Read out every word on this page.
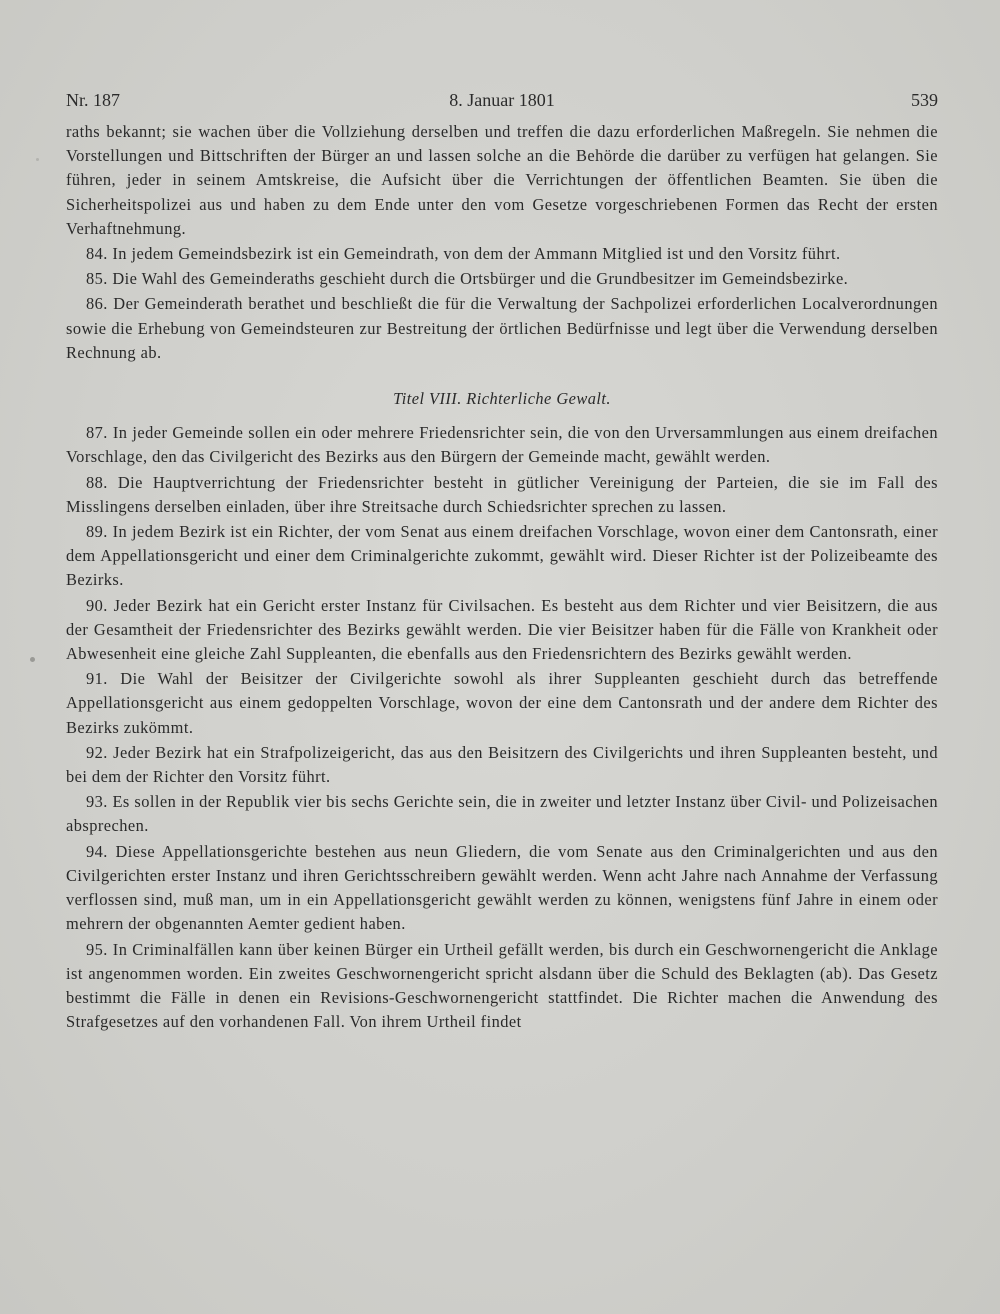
Nr. 187	8. Januar 1801	539

raths bekannt; sie wachen über die Vollziehung derselben und treffen die dazu erforderlichen Maßregeln. Sie nehmen die Vorstellungen und Bittschriften der Bürger an und lassen solche an die Behörde die darüber zu verfügen hat gelangen. Sie führen, jeder in seinem Amtskreise, die Aufsicht über die Verrichtungen der öffentlichen Beamten. Sie üben die Sicherheitspolizei aus und haben zu dem Ende unter den vom Gesetze vorgeschriebenen Formen das Recht der ersten Verhaftnehmung.

84. In jedem Gemeindsbezirk ist ein Gemeindrath, von dem der Ammann Mitglied ist und den Vorsitz führt.

85. Die Wahl des Gemeinderaths geschieht durch die Ortsbürger und die Grundbesitzer im Gemeindsbezirke.

86. Der Gemeinderath berathet und beschließt die für die Verwaltung der Sachpolizei erforderlichen Localverordnungen sowie die Erhebung von Gemeindsteuren zur Bestreitung der örtlichen Bedürfnisse und legt über die Verwendung derselben Rechnung ab.

Titel VIII. Richterliche Gewalt.

87. In jeder Gemeinde sollen ein oder mehrere Friedensrichter sein, die von den Urversammlungen aus einem dreifachen Vorschlage, den das Civilgericht des Bezirks aus den Bürgern der Gemeinde macht, gewählt werden.

88. Die Hauptverrichtung der Friedensrichter besteht in gütlicher Vereinigung der Parteien, die sie im Fall des Misslingens derselben einladen, über ihre Streitsache durch Schiedsrichter sprechen zu lassen.

89. In jedem Bezirk ist ein Richter, der vom Senat aus einem dreifachen Vorschlage, wovon einer dem Cantonsrath, einer dem Appellationsgericht und einer dem Criminalgerichte zukommt, gewählt wird. Dieser Richter ist der Polizeibeamte des Bezirks.

90. Jeder Bezirk hat ein Gericht erster Instanz für Civilsachen. Es besteht aus dem Richter und vier Beisitzern, die aus der Gesamtheit der Friedensrichter des Bezirks gewählt werden. Die vier Beisitzer haben für die Fälle von Krankheit oder Abwesenheit eine gleiche Zahl Suppleanten, die ebenfalls aus den Friedensrichtern des Bezirks gewählt werden.

91. Die Wahl der Beisitzer der Civilgerichte sowohl als ihrer Suppleanten geschieht durch das betreffende Appellationsgericht aus einem gedoppelten Vorschlage, wovon der eine dem Cantonsrath und der andere dem Richter des Bezirks zukömmt.

92. Jeder Bezirk hat ein Strafpolizeigericht, das aus den Beisitzern des Civilgerichts und ihren Suppleanten besteht, und bei dem der Richter den Vorsitz führt.

93. Es sollen in der Republik vier bis sechs Gerichte sein, die in zweiter und letzter Instanz über Civil- und Polizeisachen absprechen.

94. Diese Appellationsgerichte bestehen aus neun Gliedern, die vom Senate aus den Criminalgerichten und aus den Civilgerichten erster Instanz und ihren Gerichtsschreibern gewählt werden. Wenn acht Jahre nach Annahme der Verfassung verflossen sind, muß man, um in ein Appellationsgericht gewählt werden zu können, wenigstens fünf Jahre in einem oder mehrern der obgenannten Aemter gedient haben.

95. In Criminalfällen kann über keinen Bürger ein Urtheil gefällt werden, bis durch ein Geschwornengericht die Anklage ist angenommen worden. Ein zweites Geschwornengericht spricht alsdann über die Schuld des Beklagten (ab). Das Gesetz bestimmt die Fälle in denen ein Revisions-Geschwornengericht stattfindet. Die Richter machen die Anwendung des Strafgesetzes auf den vorhandenen Fall. Von ihrem Urtheil findet
